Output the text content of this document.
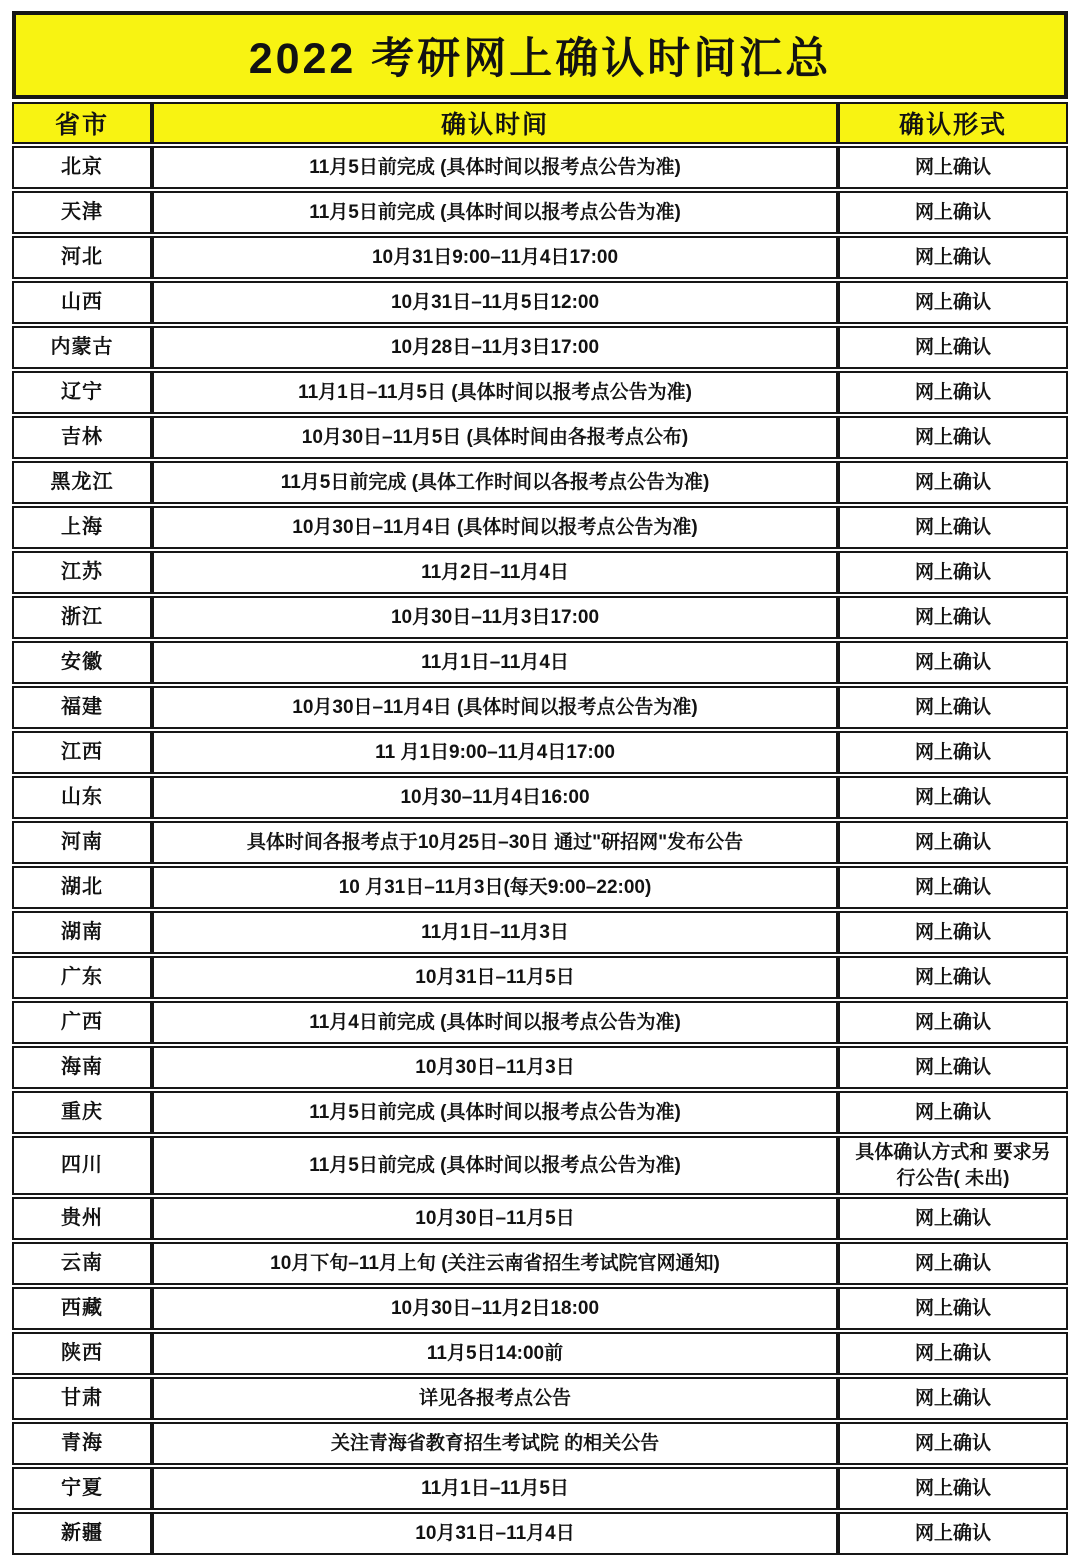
2022 考研网上确认时间汇总
省市	确认时间	确认形式
北京	11月5日前完成 (具体时间以报考点公告为准)	网上确认
天津	11月5日前完成 (具体时间以报考点公告为准)	网上确认
河北	10月31日9:00–11月4日17:00	网上确认
山西	10月31日–11月5日12:00	网上确认
内蒙古	10月28日–11月3日17:00	网上确认
辽宁	11月1日–11月5日 (具体时间以报考点公告为准)	网上确认
吉林	10月30日–11月5日 (具体时间由各报考点公布)	网上确认
黑龙江	11月5日前完成 (具体工作时间以各报考点公告为准)	网上确认
上海	10月30日–11月4日 (具体时间以报考点公告为准)	网上确认
江苏	11月2日–11月4日	网上确认
浙江	10月30日–11月3日17:00	网上确认
安徽	11月1日–11月4日	网上确认
福建	10月30日–11月4日 (具体时间以报考点公告为准)	网上确认
江西	11 月1日9:00–11月4日17:00	网上确认
山东	10月30–11月4日16:00	网上确认
河南	具体时间各报考点于10月25日–30日 通过"研招网"发布公告	网上确认
湖北	10 月31日–11月3日(每天9:00–22:00)	网上确认
湖南	11月1日–11月3日	网上确认
广东	10月31日–11月5日	网上确认
广西	11月4日前完成 (具体时间以报考点公告为准)	网上确认
海南	10月30日–11月3日	网上确认
重庆	11月5日前完成 (具体时间以报考点公告为准)	网上确认
四川	11月5日前完成 (具体时间以报考点公告为准)	具体确认方式和 要求另行公告( 未出)
贵州	10月30日–11月5日	网上确认
云南	10月下旬–11月上旬 (关注云南省招生考试院官网通知)	网上确认
西藏	10月30日–11月2日18:00	网上确认
陕西	11月5日14:00前	网上确认
甘肃	详见各报考点公告	网上确认
青海	关注青海省教育招生考试院 的相关公告	网上确认
宁夏	11月1日–11月5日	网上确认
新疆	10月31日–11月4日	网上确认
